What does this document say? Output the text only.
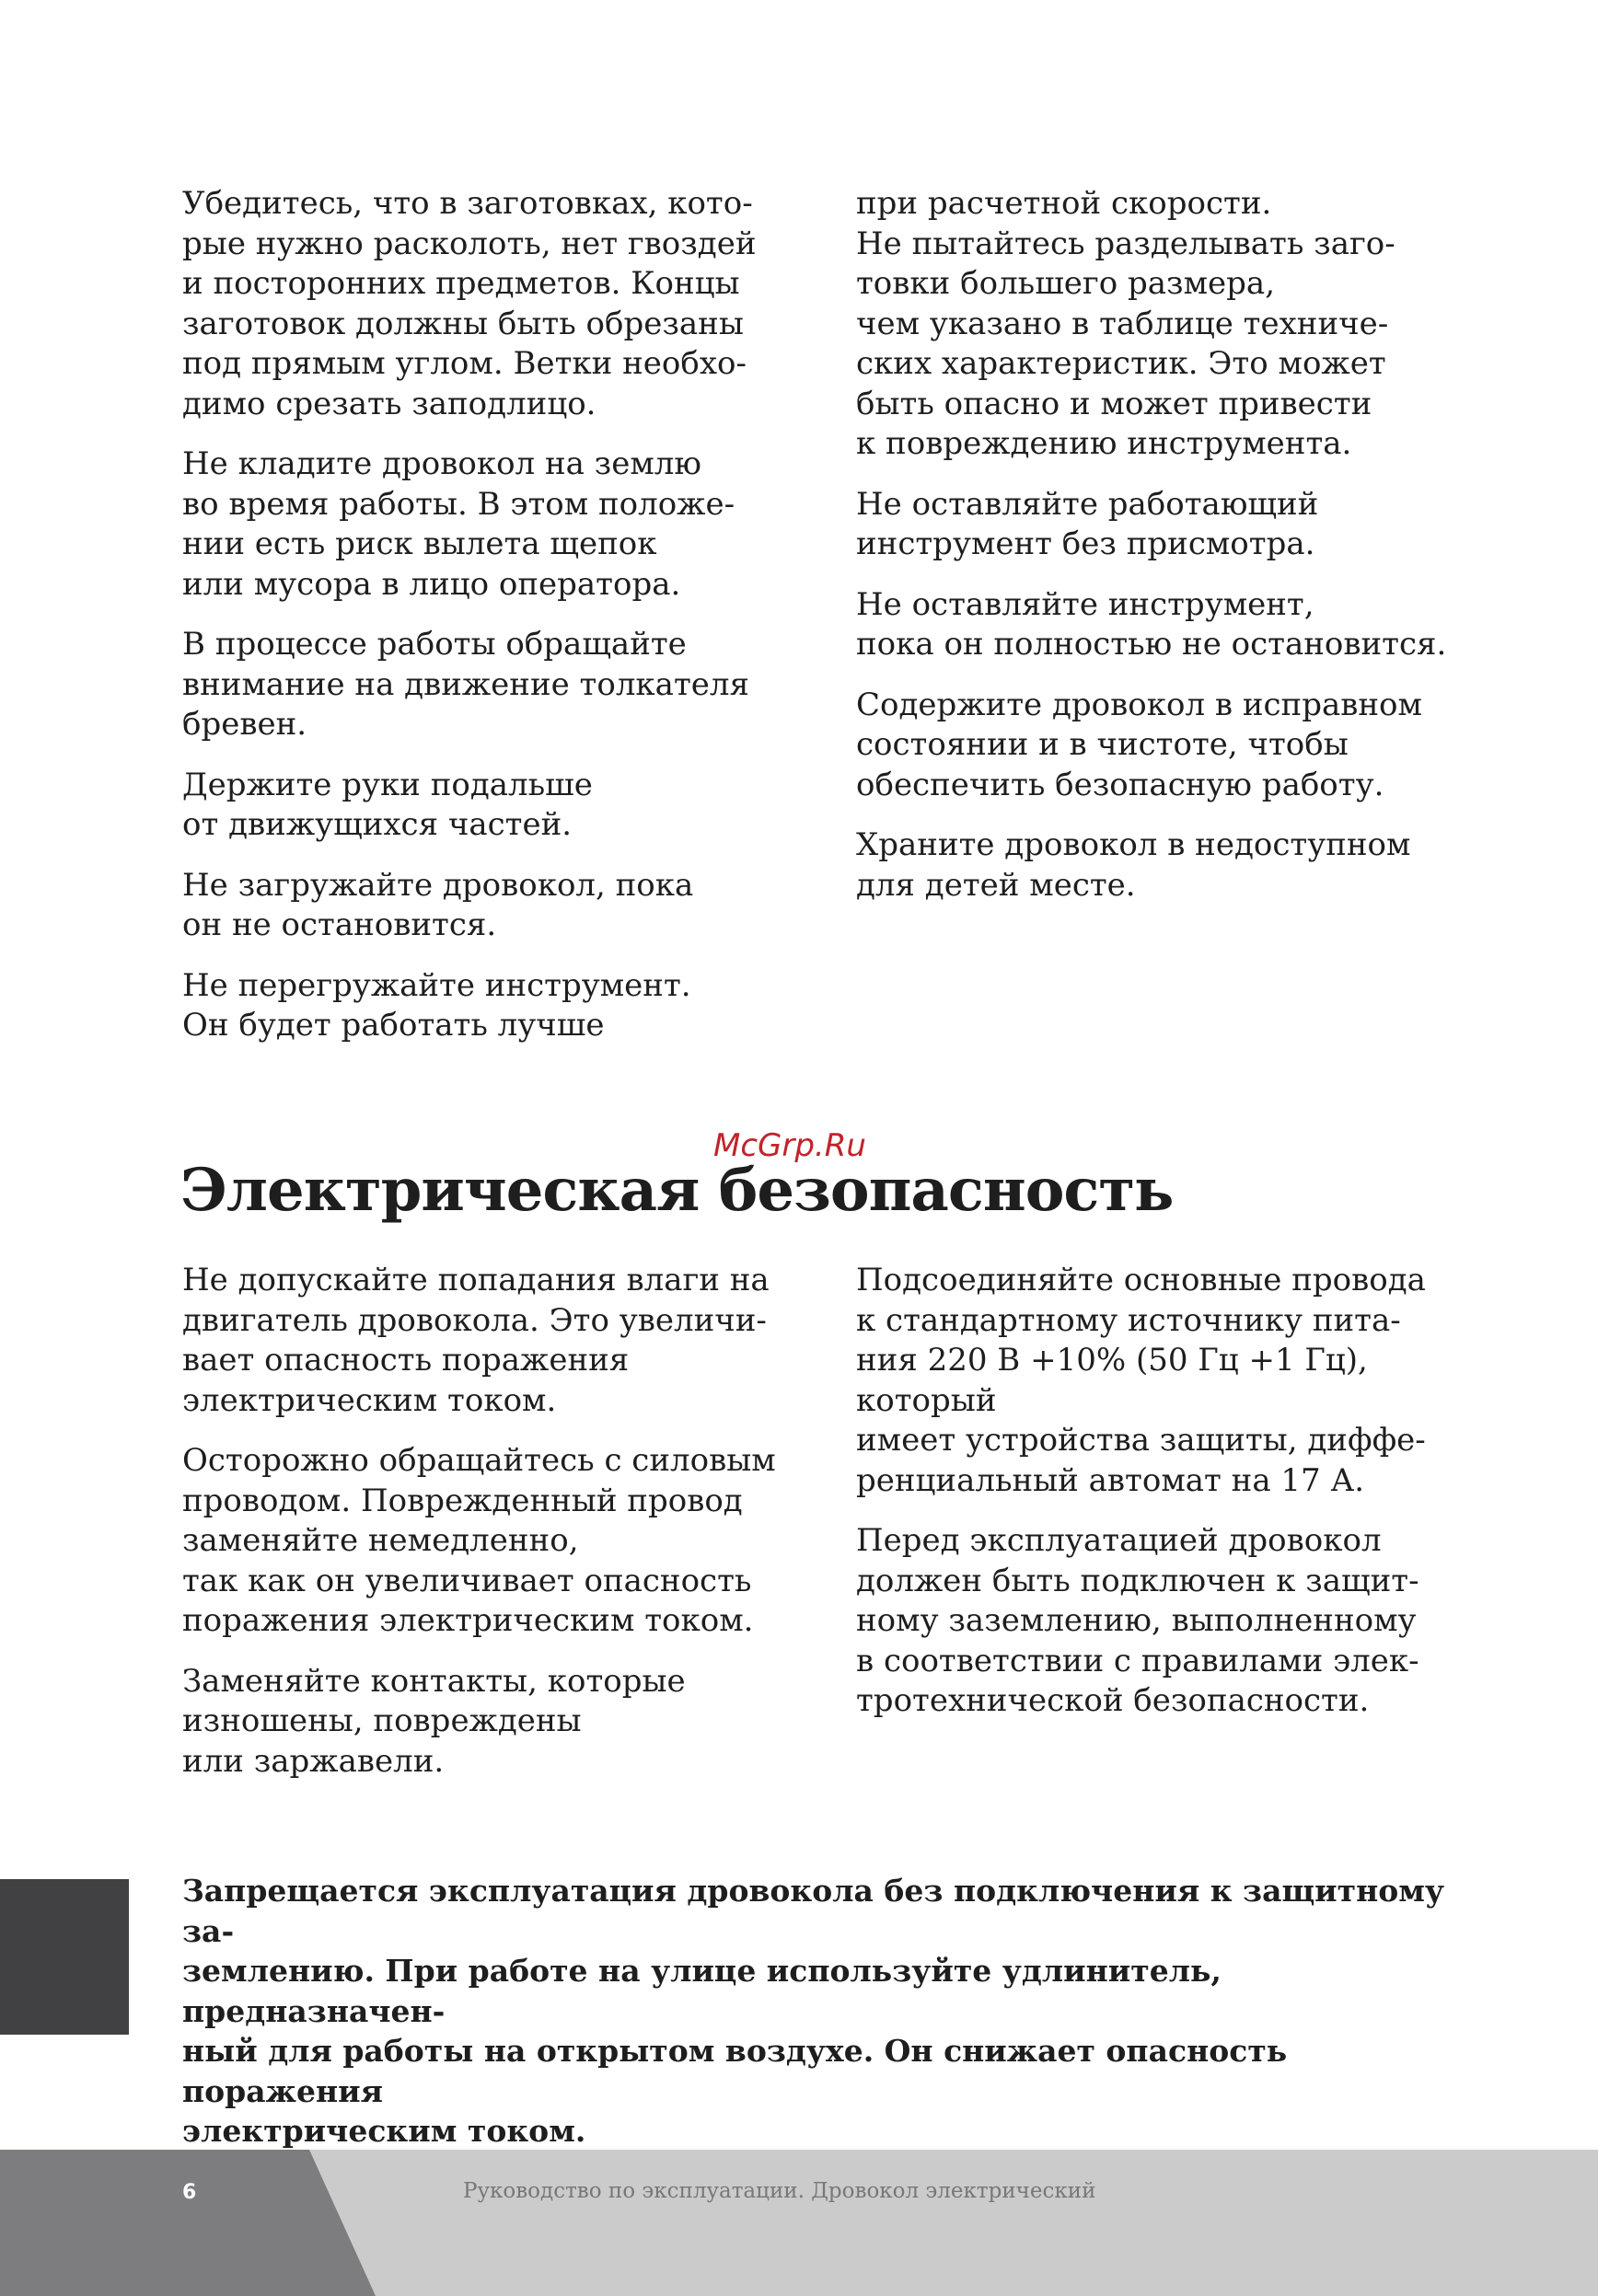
Убедитесь, что в заготовках, кото-
рые нужно расколоть, нет гвоздей
и посторонних предметов. Концы
заготовок должны быть обрезаны
под прямым углом. Ветки необхо-
димо срезать заподлицо.

Не кладите дровокол на землю
во время работы. В этом положе-
нии есть риск вылета щепок
или мусора в лицо оператора.

В процессе работы обращайте
внимание на движение толкателя
бревен.

Держите руки подальше
от движущихся частей.

Не загружайте дровокол, пока
он не остановится.

Не перегружайте инструмент.
Он будет работать лучше

при расчетной скорости.
Не пытайтесь разделывать заго-
товки большего размера,
чем указано в таблице техниче-
ских характеристик. Это может
быть опасно и может привести
к повреждению инструмента.

Не оставляйте работающий
инструмент без присмотра.

Не оставляйте инструмент,
пока он полностью не остановится.

Содержите дровокол в исправном
состоянии и в чистоте, чтобы
обеспечить безопасную работу.

Храните дровокол в недоступном
для детей месте.

McGrp.Ru
Электрическая безопасность

Не допускайте попадания влаги на
двигатель дровокола. Это увеличи-
вает опасность поражения
электрическим током.

Осторожно обращайтесь с силовым
проводом. Поврежденный провод
заменяйте немедленно,
так как он увеличивает опасность
поражения электрическим током.

Заменяйте контакты, которые
изношены, повреждены
или заржавели.

Подсоединяйте основные провода
к стандартному источнику пита-
ния 220 В +10% (50 Гц +1 Гц), который
имеет устройства защиты, диффе-
ренциальный автомат на 17 А.

Перед эксплуатацией дровокол
должен быть подключен к защит-
ному заземлению, выполненному
в соответствии с правилами элек-
тротехнической безопасности.

Запрещается эксплуатация дровокола без подключения к защитному за-
землению. При работе на улице используйте удлинитель, предназначен-
ный для работы на открытом воздухе. Он снижает опасность поражения
электрическим током.

6	Руководство по эксплуатации. Дровокол электрический
